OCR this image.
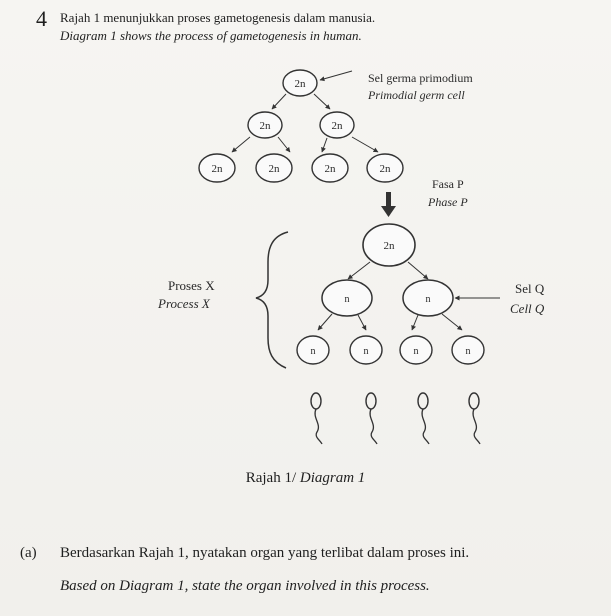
4 Rajah 1 menunjukkan proses gametogenesis dalam manusia.
Diagram 1 shows the process of gametogenesis in human.
2n	Sel germa primodium
Primodial germ cell
2n	2n
2n	2n	2n	2n
Fasa P
Phase P
2n
n	n
Sel Q
Cell Q
n	n	n	n
Proses X
Process X
Rajah 1/ Diagram 1
(a) Berdasarkan Rajah 1, nyatakan organ yang terlibat dalam proses ini.
Based on Diagram 1, state the organ involved in this process.
